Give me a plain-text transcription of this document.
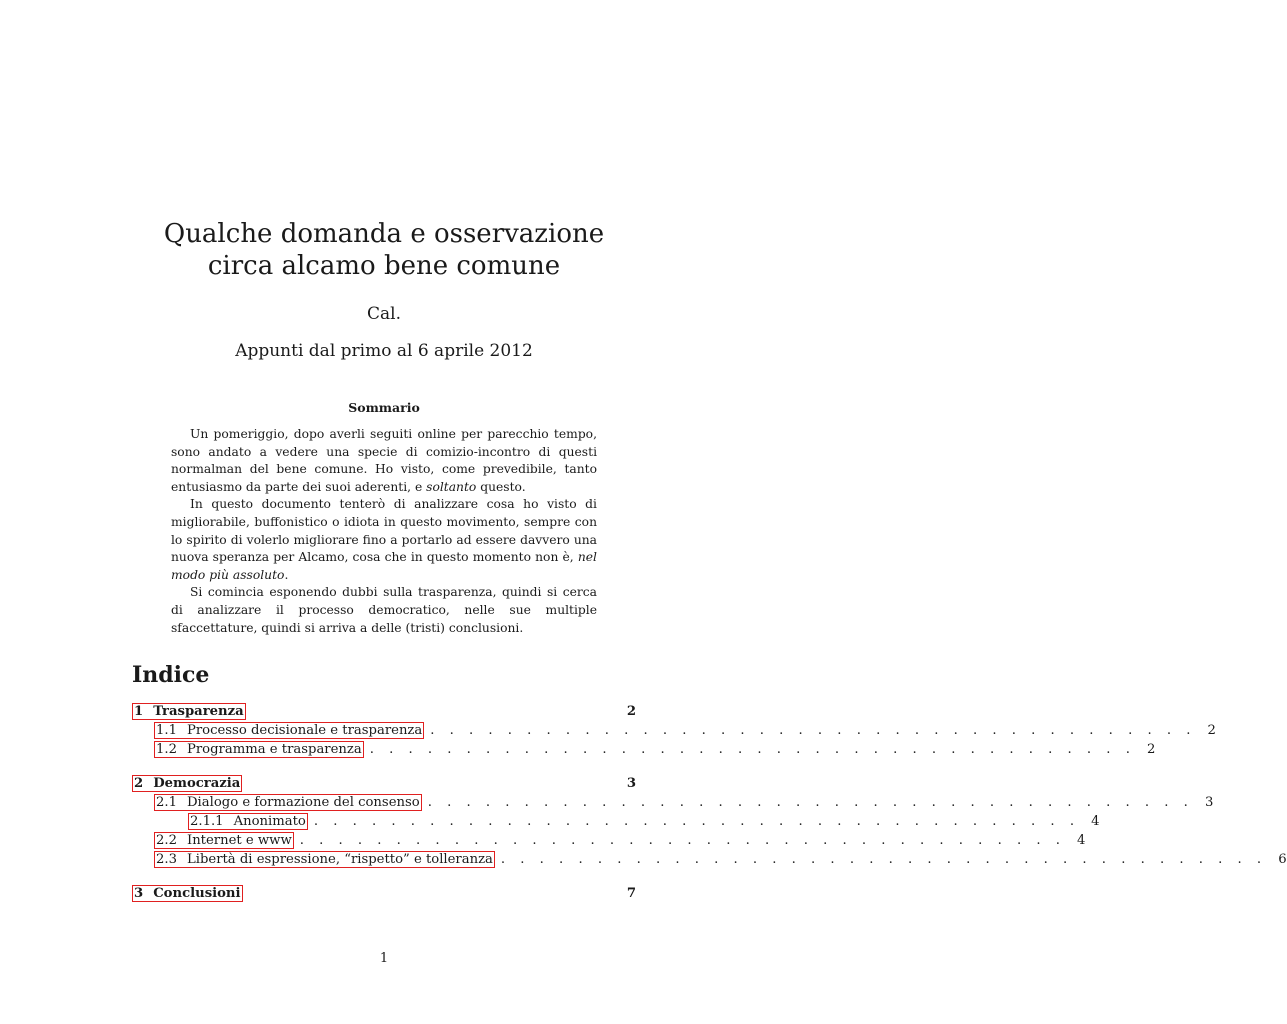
Qualche domanda e osservazione
circa alcamo bene comune
Cal.
Appunti dal primo al 6 aprile 2012
Sommario

Un pomeriggio, dopo averli seguiti online per parecchio tempo, sono andato a vedere una specie di comizio-incontro di questi normalman del bene comune. Ho visto, come prevedibile, tanto entusiasmo da parte dei suoi aderenti, e soltanto questo.

In questo documento tenterò di analizzare cosa ho visto di migliorabile, buffonistico o idiota in questo movimento, sempre con lo spirito di volerlo migliorare fino a portarlo ad essere davvero una nuova speranza per Alcamo, cosa che in questo momento non è, nel modo più assoluto.

Si comincia esponendo dubbi sulla trasparenza, quindi si cerca di analizzare il processo democratico, nelle sue multiple sfaccettature, quindi si arriva a delle (tristi) conclusioni.

Indice
1 Trasparenza	2
1.1 Processo decisionale e trasparenza . . . . . . . . . . . . . . . . . . . . . . . . . . . . . . . . . . . . . . . . 2
1.2 Programma e trasparenza . . . . . . . . . . . . . . . . . . . . . . . . . . . . . . . . . . . . . . . . 2
2 Democrazia	3
2.1 Dialogo e formazione del consenso . . . . . . . . . . . . . . . . . . . . . . . . . . . . . . . . . . . . . . . . 3
2.1.1 Anonimato . . . . . . . . . . . . . . . . . . . . . . . . . . . . . . . . . . . . . . . . 4
2.2 Internet e www . . . . . . . . . . . . . . . . . . . . . . . . . . . . . . . . . . . . . . . . 4
2.3 Libertà di espressione, “rispetto” e tolleranza . . . . . . . . . . . . . . . . . . . . . . . . . . . . . . . . . . . . . . . . 6
3 Conclusioni	7
1
